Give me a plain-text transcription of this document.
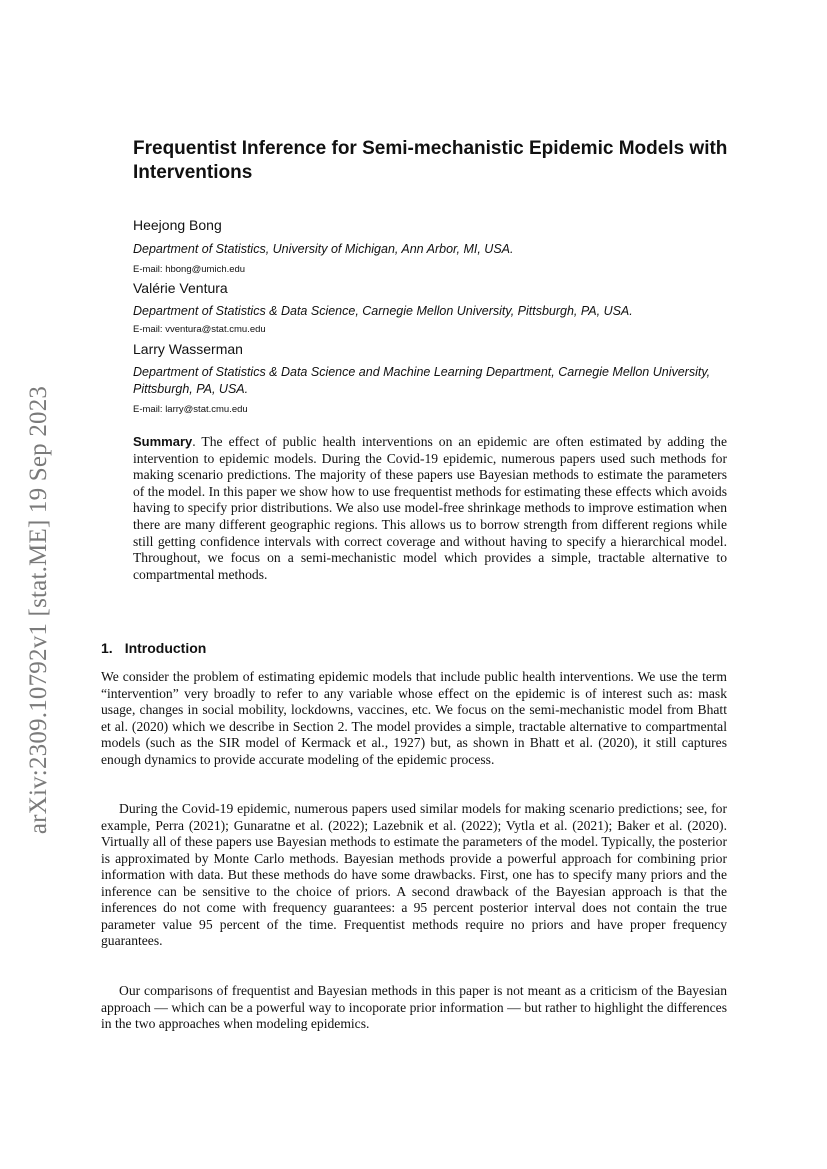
arXiv:2309.10792v1 [stat.ME] 19 Sep 2023
Frequentist Inference for Semi-mechanistic Epidemic Models with Interventions
Heejong Bong
Department of Statistics, University of Michigan, Ann Arbor, MI, USA.
E-mail: hbong@umich.edu
Valérie Ventura
Department of Statistics & Data Science, Carnegie Mellon University, Pittsburgh, PA, USA.
E-mail: vventura@stat.cmu.edu
Larry Wasserman
Department of Statistics & Data Science and Machine Learning Department, Carnegie Mellon University, Pittsburgh, PA, USA.
E-mail: larry@stat.cmu.edu

Summary. The effect of public health interventions on an epidemic are often estimated by adding the intervention to epidemic models. During the Covid-19 epidemic, numerous papers used such methods for making scenario predictions. The majority of these papers use Bayesian methods to estimate the parameters of the model. In this paper we show how to use frequentist methods for estimating these effects which avoids having to specify prior distributions. We also use model-free shrinkage methods to improve estimation when there are many different geographic regions. This allows us to borrow strength from different regions while still getting confidence intervals with correct coverage and without having to specify a hierarchical model. Throughout, we focus on a semi-mechanistic model which provides a simple, tractable alternative to compartmental methods.

1. Introduction

We consider the problem of estimating epidemic models that include public health interventions. We use the term “intervention” very broadly to refer to any variable whose effect on the epidemic is of interest such as: mask usage, changes in social mobility, lockdowns, vaccines, etc. We focus on the semi-mechanistic model from Bhatt et al. (2020) which we describe in Section 2. The model provides a simple, tractable alternative to compartmental models (such as the SIR model of Kermack et al., 1927) but, as shown in Bhatt et al. (2020), it still captures enough dynamics to provide accurate modeling of the epidemic process.

During the Covid-19 epidemic, numerous papers used similar models for making scenario predictions; see, for example, Perra (2021); Gunaratne et al. (2022); Lazebnik et al. (2022); Vytla et al. (2021); Baker et al. (2020). Virtually all of these papers use Bayesian methods to estimate the parameters of the model. Typically, the posterior is approximated by Monte Carlo methods. Bayesian methods provide a powerful approach for combining prior information with data. But these methods do have some drawbacks. First, one has to specify many priors and the inference can be sensitive to the choice of priors. A second drawback of the Bayesian approach is that the inferences do not come with frequency guarantees: a 95 percent posterior interval does not contain the true parameter value 95 percent of the time. Frequentist methods require no priors and have proper frequency guarantees.

Our comparisons of frequentist and Bayesian methods in this paper is not meant as a criticism of the Bayesian approach — which can be a powerful way to incoporate prior information — but rather to highlight the differences in the two approaches when modeling epidemics.
